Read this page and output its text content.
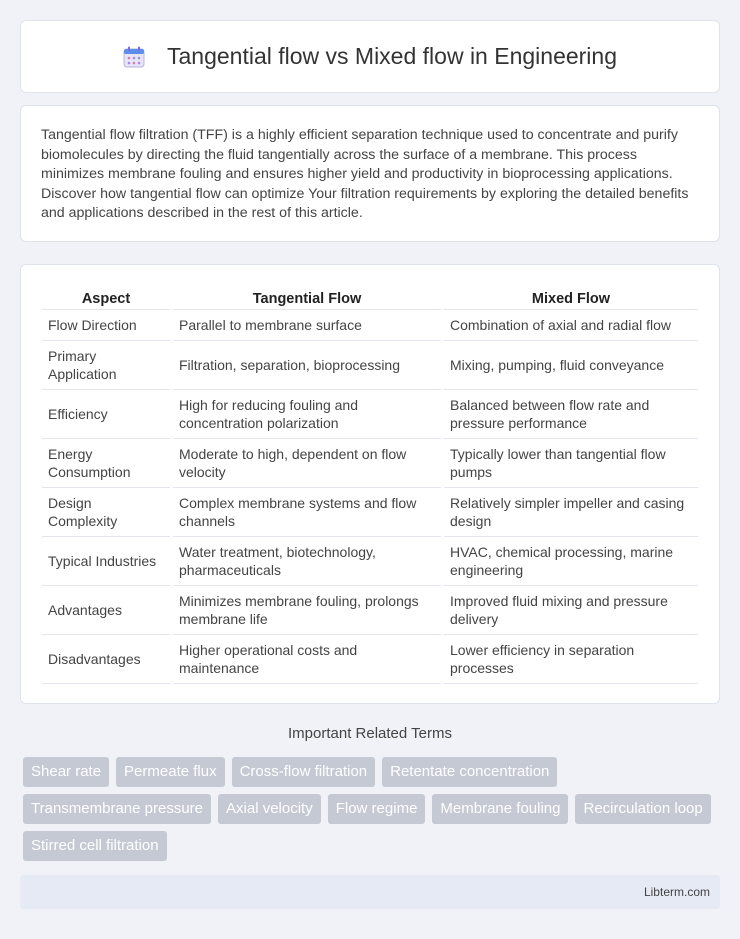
Tangential flow vs Mixed flow in Engineering

Tangential flow filtration (TFF) is a highly efficient separation technique used to concentrate and purify biomolecules by directing the fluid tangentially across the surface of a membrane. This process minimizes membrane fouling and ensures higher yield and productivity in bioprocessing applications. Discover how tangential flow can optimize Your filtration requirements by exploring the detailed benefits and applications described in the rest of this article.

Aspect	Tangential Flow	Mixed Flow
Flow Direction	Parallel to membrane surface	Combination of axial and radial flow
Primary Application	Filtration, separation, bioprocessing	Mixing, pumping, fluid conveyance
Efficiency	High for reducing fouling and concentration polarization	Balanced between flow rate and pressure performance
Energy Consumption	Moderate to high, dependent on flow velocity	Typically lower than tangential flow pumps
Design Complexity	Complex membrane systems and flow channels	Relatively simpler impeller and casing design
Typical Industries	Water treatment, biotechnology, pharmaceuticals	HVAC, chemical processing, marine engineering
Advantages	Minimizes membrane fouling, prolongs membrane life	Improved fluid mixing and pressure delivery
Disadvantages	Higher operational costs and maintenance	Lower efficiency in separation processes
Important Related Terms
Shear rate	Permeate flux	Cross-flow filtration	Retentate concentration
Transmembrane pressure	Axial velocity	Flow regime	Membrane fouling	Recirculation loop
Stirred cell filtration
Libterm.com
